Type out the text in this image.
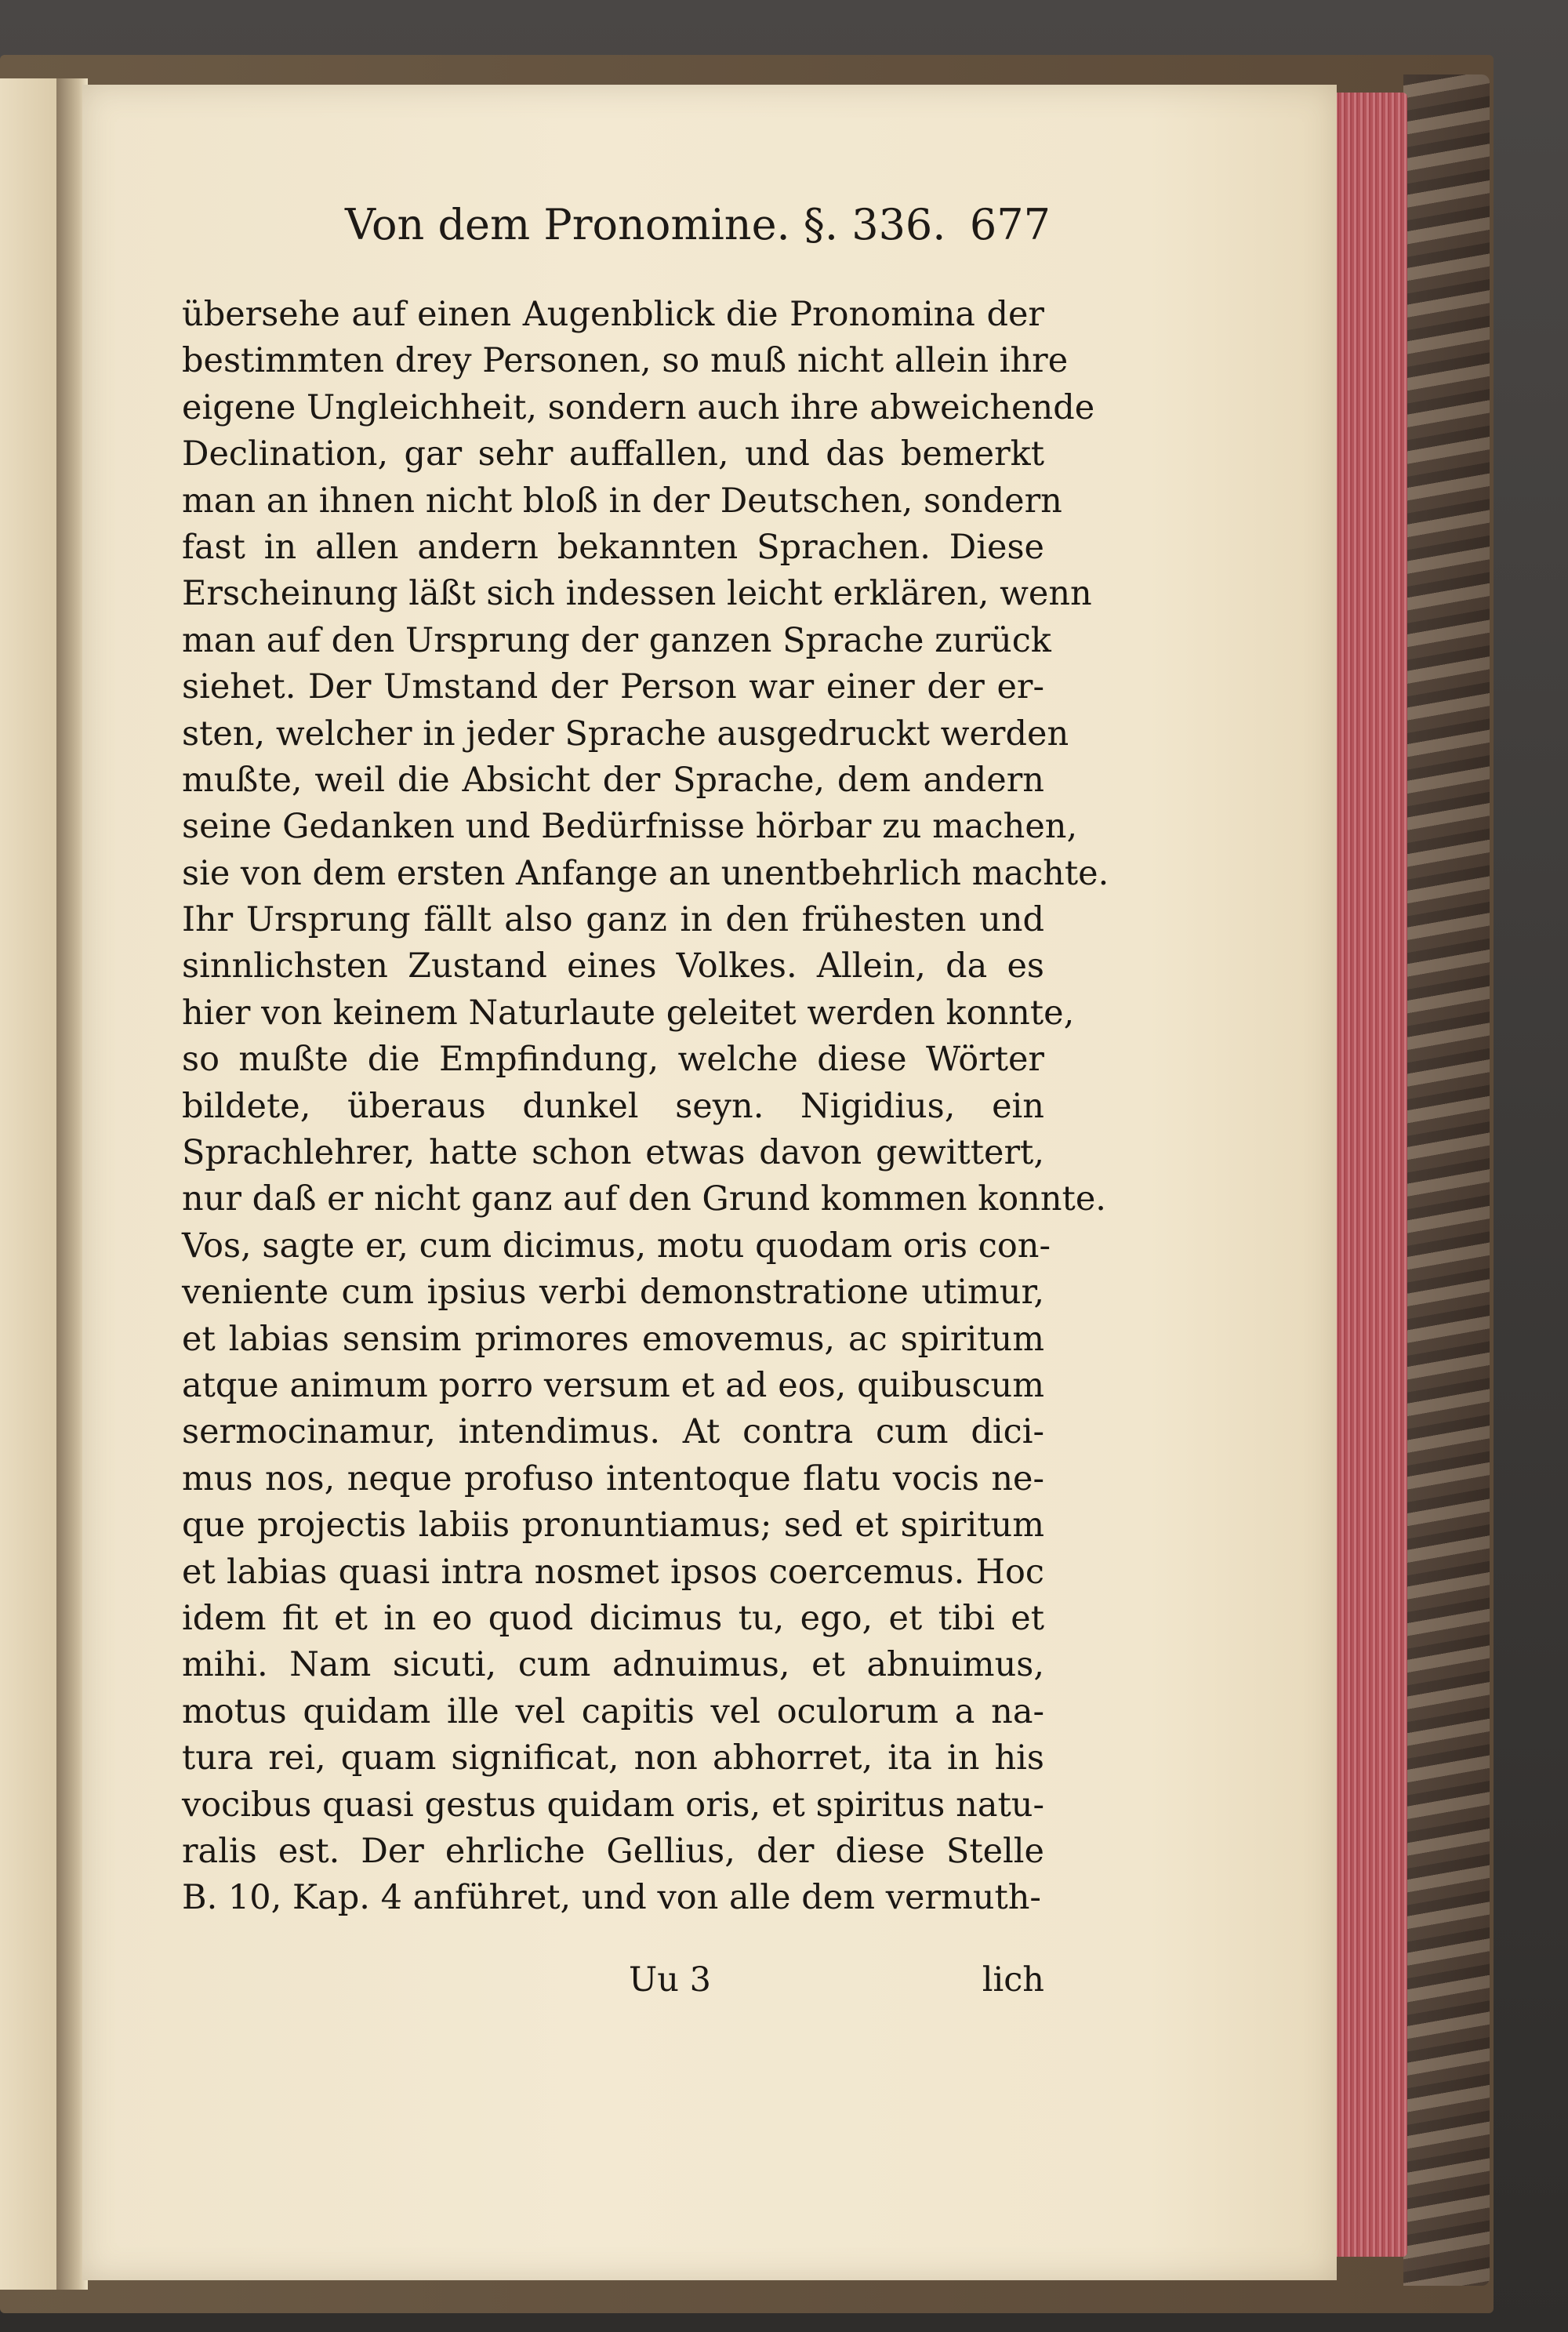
Von dem Pronomine. §. 336. 677
übersehe auf einen Augenblick die Pronomina der
bestimmten drey Personen, so muß nicht allein ihre
eigene Ungleichheit, sondern auch ihre abweichende
Declination, gar sehr auffallen, und das bemerkt
man an ihnen nicht bloß in der Deutschen, sondern
fast in allen andern bekannten Sprachen. Diese
Erscheinung läßt sich indessen leicht erklären, wenn
man auf den Ursprung der ganzen Sprache zurück
siehet. Der Umstand der Person war einer der er-
sten, welcher in jeder Sprache ausgedruckt werden
mußte, weil die Absicht der Sprache, dem andern
seine Gedanken und Bedürfnisse hörbar zu machen,
sie von dem ersten Anfange an unentbehrlich machte.
Ihr Ursprung fällt also ganz in den frühesten und
sinnlichsten Zustand eines Volkes. Allein, da es
hier von keinem Naturlaute geleitet werden konnte,
so mußte die Empfindung, welche diese Wörter
bildete, überaus dunkel seyn. Nigidius, ein
Sprachlehrer, hatte schon etwas davon gewittert,
nur daß er nicht ganz auf den Grund kommen konnte.
Vos, sagte er, cum dicimus, motu quodam oris con-
veniente cum ipsius verbi demonstratione utimur,
et labias sensim primores emovemus, ac spiritum
atque animum porro versum et ad eos, quibuscum
sermocinamur, intendimus. At contra cum dici-
mus nos, neque profuso intentoque flatu vocis ne-
que projectis labiis pronuntiamus; sed et spiritum
et labias quasi intra nosmet ipsos coercemus. Hoc
idem fit et in eo quod dicimus tu, ego, et tibi et
mihi. Nam sicuti, cum adnuimus, et abnuimus,
motus quidam ille vel capitis vel oculorum a na-
tura rei, quam significat, non abhorret, ita in his
vocibus quasi gestus quidam oris, et spiritus natu-
ralis est. Der ehrliche Gellius, der diese Stelle
B. 10, Kap. 4 anführet, und von alle dem vermuth-
Uu 3	lich
